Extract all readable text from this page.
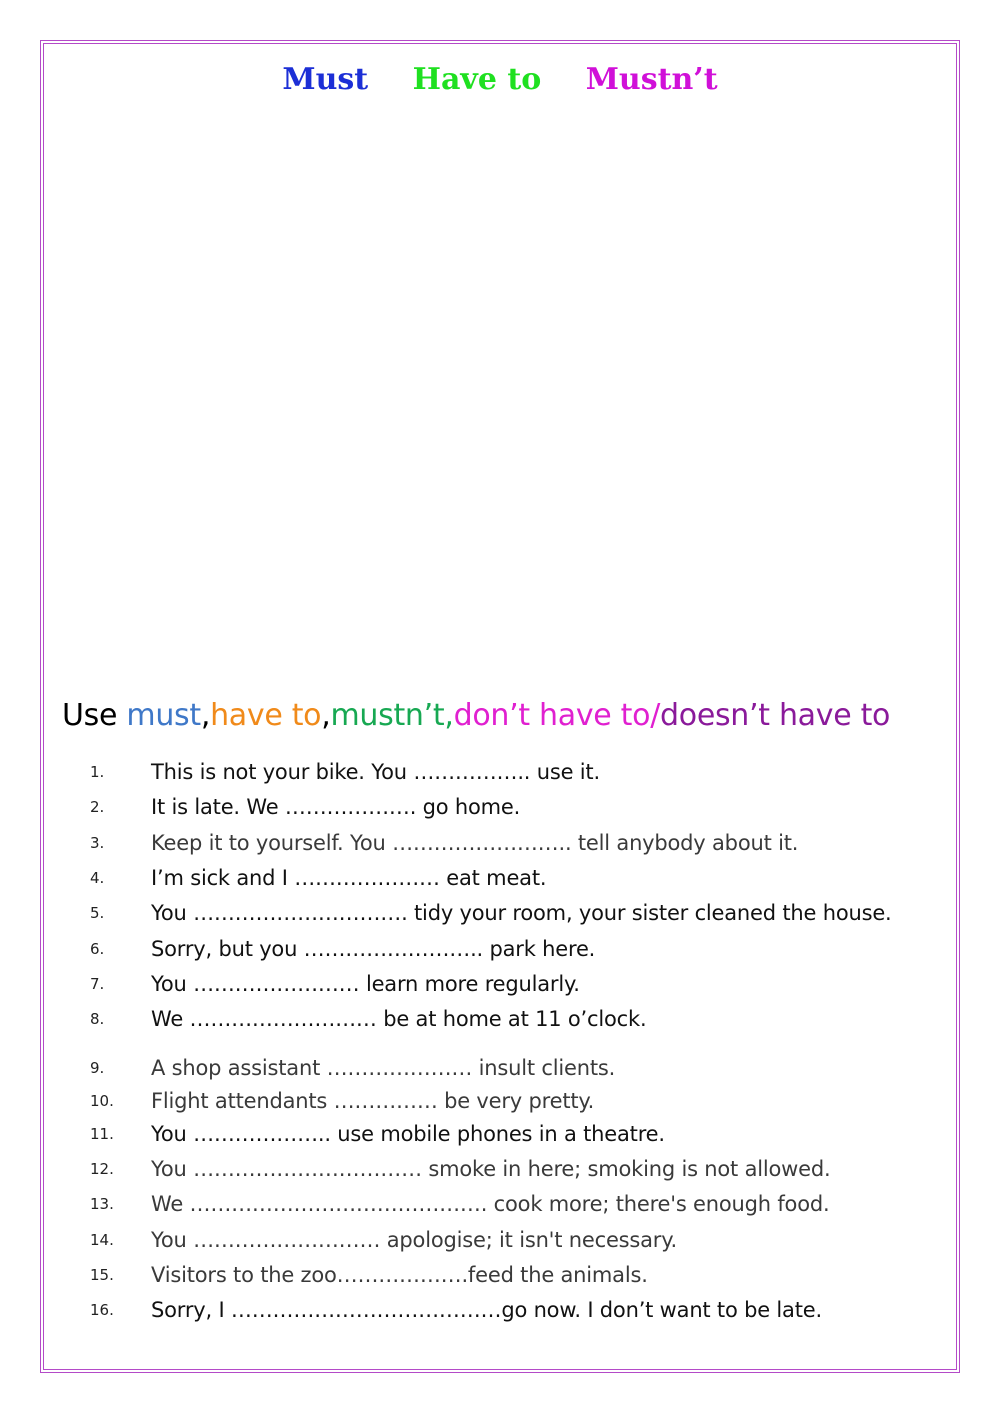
Must Have to Mustn’t
Use must,have to,mustn’t,don’t have to/doesn’t have to
1.	This is not your bike. You …………….. use it.
2.	It is late. We ………………. go home.
3.	Keep it to yourself. You …………………….. tell anybody about it.
4.	I’m sick and I ………………… eat meat.
5.	You …………………………. tidy your room, your sister cleaned the house.
6.	Sorry, but you …………………….. park here.
7.	You …………………… learn more regularly.
8.	We ……………………… be at home at 11 o’clock.
9.	A shop assistant ………………… insult clients.
10.	Flight attendants …………… be very pretty.
11.	You ……………….. use mobile phones in a theatre.
12.	You …………………………… smoke in here; smoking is not allowed.
13.	We ……………………………………. cook more; there's enough food.
14.	You ……………………… apologise; it isn't necessary.
15.	Visitors to the zoo……………….feed the animals.
16.	Sorry, I …………………………………go now. I don’t want to be late.
